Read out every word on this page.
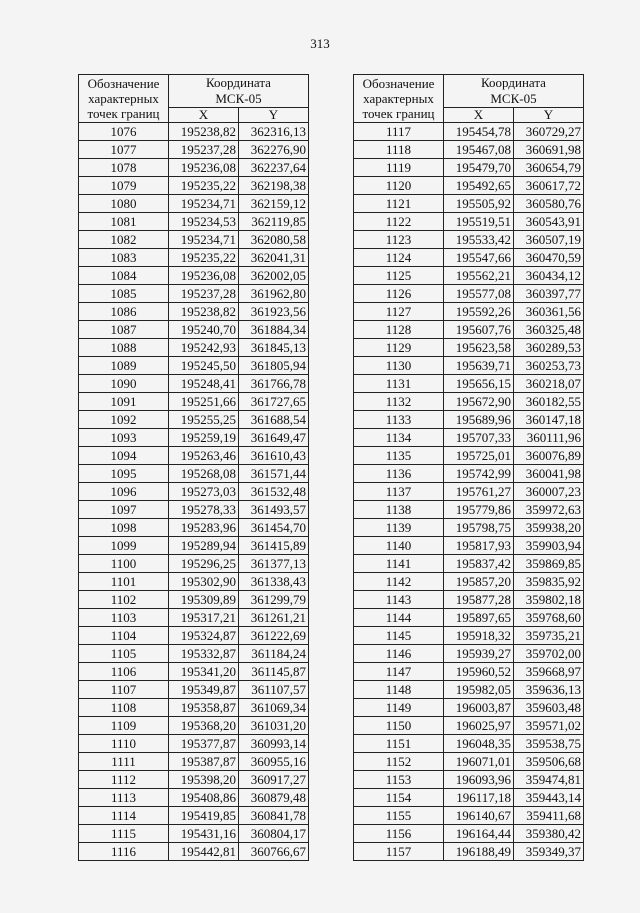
313
Обозначение
характерных
точек границ	Координата
МСК-05	
	X	Y
1076	195238,82	362316,13
1077	195237,28	362276,90
1078	195236,08	362237,64
1079	195235,22	362198,38
1080	195234,71	362159,12
1081	195234,53	362119,85
1082	195234,71	362080,58
1083	195235,22	362041,31
1084	195236,08	362002,05
1085	195237,28	361962,80
1086	195238,82	361923,56
1087	195240,70	361884,34
1088	195242,93	361845,13
1089	195245,50	361805,94
1090	195248,41	361766,78
1091	195251,66	361727,65
1092	195255,25	361688,54
1093	195259,19	361649,47
1094	195263,46	361610,43
1095	195268,08	361571,44
1096	195273,03	361532,48
1097	195278,33	361493,57
1098	195283,96	361454,70
1099	195289,94	361415,89
1100	195296,25	361377,13
1101	195302,90	361338,43
1102	195309,89	361299,79
1103	195317,21	361261,21
1104	195324,87	361222,69
1105	195332,87	361184,24
1106	195341,20	361145,87
1107	195349,87	361107,57
1108	195358,87	361069,34
1109	195368,20	361031,20
1110	195377,87	360993,14
1111	195387,87	360955,16
1112	195398,20	360917,27
1113	195408,86	360879,48
1114	195419,85	360841,78
1115	195431,16	360804,17
1116	195442,81	360766,67
Обозначение
характерных
точек границ	Координата
МСК-05	
	X	Y
1117	195454,78	360729,27
1118	195467,08	360691,98
1119	195479,70	360654,79
1120	195492,65	360617,72
1121	195505,92	360580,76
1122	195519,51	360543,91
1123	195533,42	360507,19
1124	195547,66	360470,59
1125	195562,21	360434,12
1126	195577,08	360397,77
1127	195592,26	360361,56
1128	195607,76	360325,48
1129	195623,58	360289,53
1130	195639,71	360253,73
1131	195656,15	360218,07
1132	195672,90	360182,55
1133	195689,96	360147,18
1134	195707,33	360111,96
1135	195725,01	360076,89
1136	195742,99	360041,98
1137	195761,27	360007,23
1138	195779,86	359972,63
1139	195798,75	359938,20
1140	195817,93	359903,94
1141	195837,42	359869,85
1142	195857,20	359835,92
1143	195877,28	359802,18
1144	195897,65	359768,60
1145	195918,32	359735,21
1146	195939,27	359702,00
1147	195960,52	359668,97
1148	195982,05	359636,13
1149	196003,87	359603,48
1150	196025,97	359571,02
1151	196048,35	359538,75
1152	196071,01	359506,68
1153	196093,96	359474,81
1154	196117,18	359443,14
1155	196140,67	359411,68
1156	196164,44	359380,42
1157	196188,49	359349,37
